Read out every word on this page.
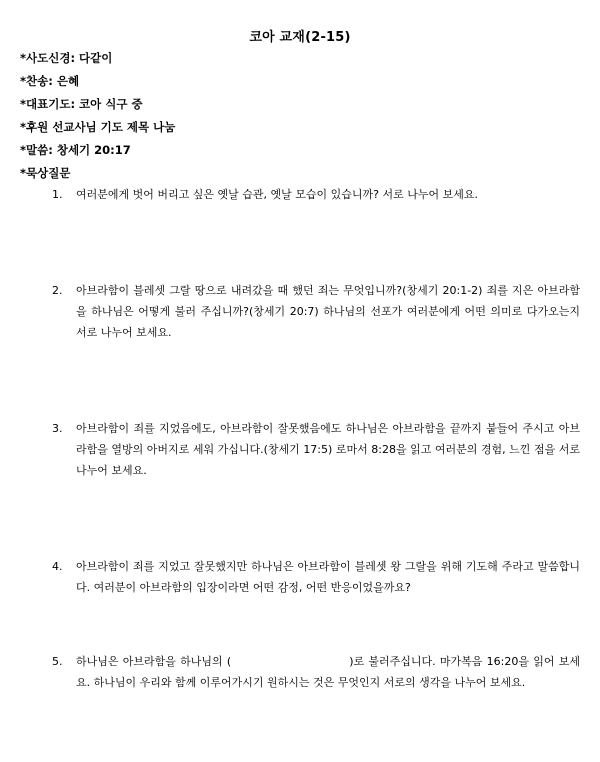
코아 교재(2-15)
*사도신경: 다같이
*찬송: 은혜
*대표기도: 코아 식구 중
*후원 선교사님 기도 제목 나눔
*말씀: 창세기 20:17
*묵상질문
1.	여러분에게 벗어 버리고 싶은 옛날 습관, 옛날 모습이 있습니까? 서로 나누어 보세요.
2.	아브라함이 블레셋 그랄 땅으로 내려갔을 때 했던 죄는 무엇입니까?(창세기 20:1-2) 죄를 지은 아브라함을 하나님은 어떻게 불러 주십니까?(창세기 20:7) 하나님의 선포가 여러분에게 어떤 의미로 다가오는지 서로 나누어 보세요.
3.	아브라함이 죄를 지었음에도, 아브라함이 잘못했음에도 하나님은 아브라함을 끝까지 붙들어 주시고 아브라함을 열방의 아버지로 세워 가십니다.(창세기 17:5) 로마서 8:28을 읽고 여러분의 경험, 느낀 점을 서로 나누어 보세요.
4.	아브라함이 죄를 지었고 잘못했지만 하나님은 아브라함이 블레셋 왕 그랄을 위해 기도해 주라고 말씀합니다. 여러분이 아브라함의 입장이라면 어떤 감정, 어떤 반응이었을까요?
5.	하나님은 아브라함을 하나님의 (	)로 불러주십니다. 마가복음 16:20을 읽어 보세요. 하나님이 우리와 함께 이루어가시기 원하시는 것은 무엇인지 서로의 생각을 나누어 보세요.
